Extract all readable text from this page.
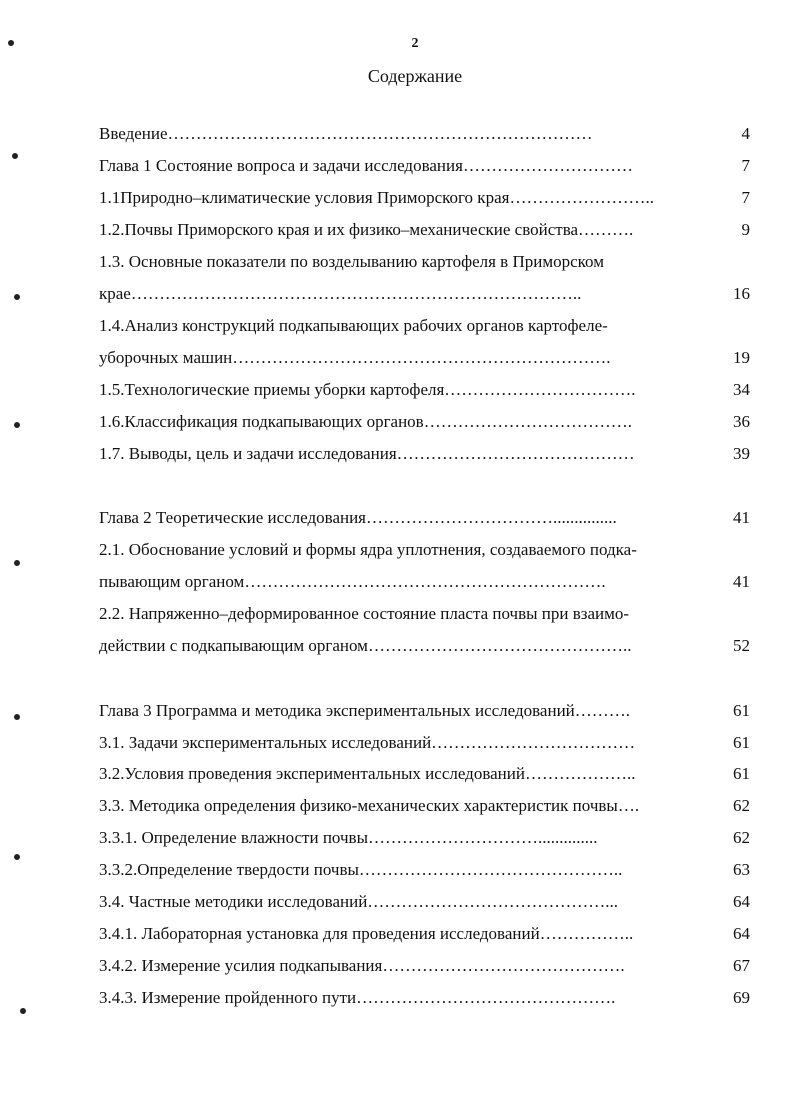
2
Содержание
Введение…………………………………………………………………	4
Глава 1 Состояние вопроса и задачи исследования…………………………	7
1.1Природно–климатические условия Приморского края……………………..	7
1.2.Почвы Приморского края и их физико–механические свойства……….	9
1.3. Основные показатели по возделыванию картофеля в Приморском
крае……………………………………………………………………..	16
1.4.Анализ конструкций подкапывающих рабочих органов картофеле-
уборочных машин………………………………………………………….	19
1.5.Технологические приемы уборки картофеля…………………………….	34
1.6.Классификация подкапывающих органов……………………………….	36
1.7. Выводы, цель и задачи исследования……………………………………	39
Глава 2 Теоретические исследования……………………………...............	41
2.1. Обоснование условий и формы ядра уплотнения, создаваемого подка-
пывающим органом……………………………………………………….	41
2.2. Напряженно–деформированное состояние пласта почвы при взаимо-
действии с подкапывающим органом………………………………………..	52
Глава 3 Программа и методика экспериментальных исследований……….	61
3.1. Задачи экспериментальных исследований………………………………	61
3.2.Условия проведения экспериментальных исследований………………..	61
3.3. Методика определения физико-механических характеристик почвы….	62
3.3.1. Определение влажности почвы…………………………..............	62
3.3.2.Определение твердости почвы………………………………………..	63
3.4. Частные методики исследований……………………………………...	64
3.4.1. Лабораторная установка для проведения исследований……………..	64
3.4.2. Измерение усилия подкапывания…………………………………….	67
3.4.3. Измерение пройденного пути……………………………………….	69
